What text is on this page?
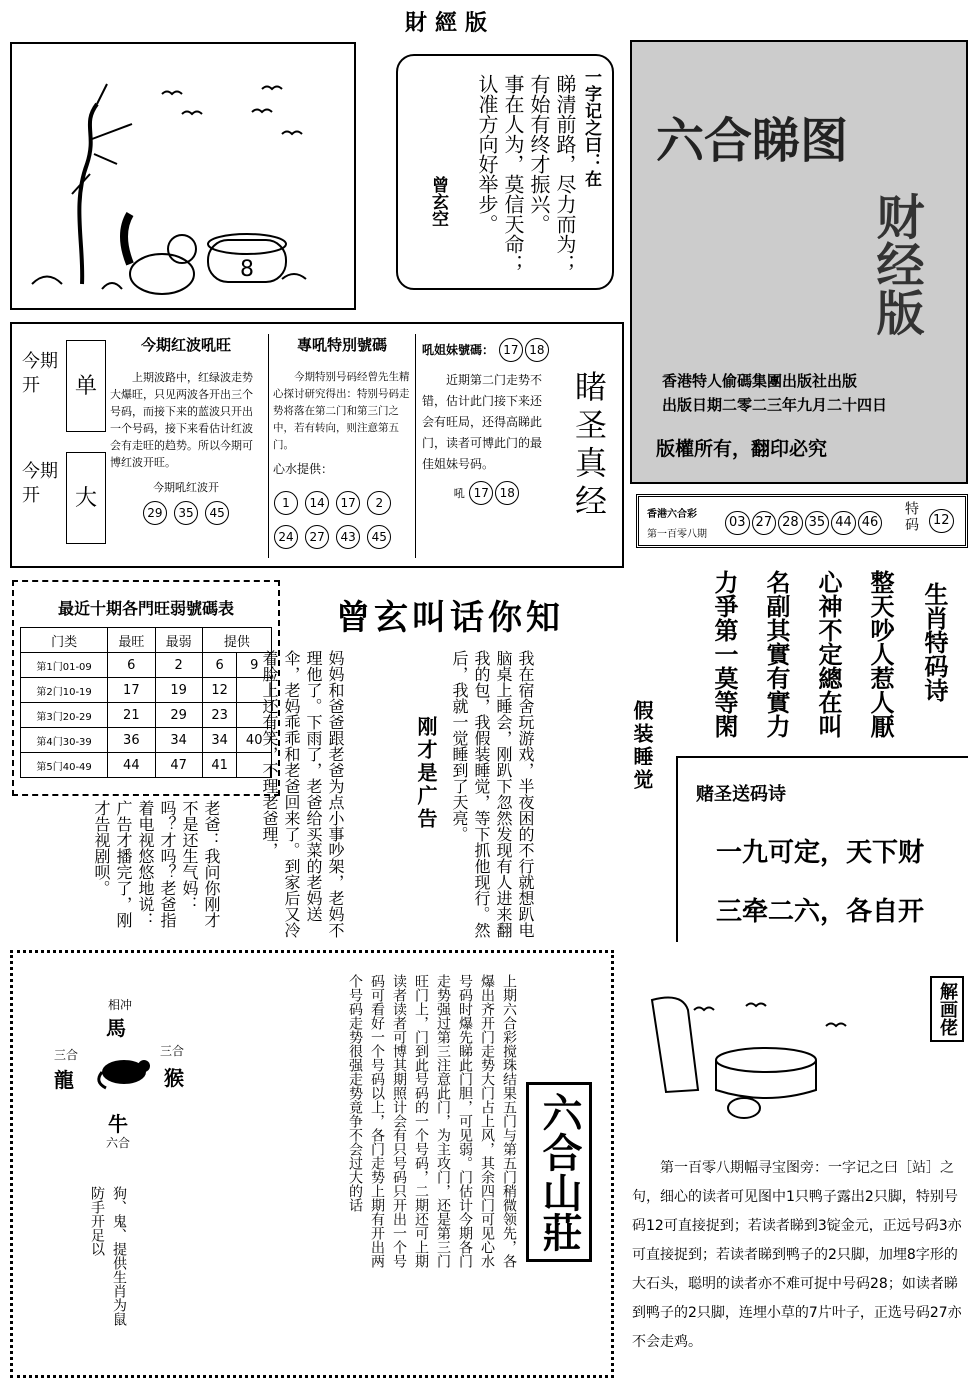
財經版
8
一字记之曰：在
睇清前路，尽力而为； 有始有终才振兴。 事在人为，莫信天命； 认准方向好举步。
曾玄空
六合睇图
财经版
香港特人偷碼集團出版社出版
出版日期二零二三年九月二十四日
版權所有，翻印必究
今期开	单
今期开	大
今期红波吼旺
上期波路中，红绿波走势大爆旺，只见两波各开出三个号码，而接下来的蓝波只开出一个号码，接下来看估计红波会有走旺的趋势。所以今期可博红波开旺。
今期吼红波开
29 35 45
專吼特別號碼
今期特别号码经曾先生精心探讨研究得出：特别号码走势将落在第二门和第三门之中，若有转向，则注意第五门。
心水提供：
1 14 17 2 24 27 43 45
吼姐妹號碼： 17 18
近期第二门走势不错，估计此门接下来还会有旺局，还得高睇此门，读者可博此门的最佳姐妹号码。
吼 17 18	睹圣真经	香港六合彩
第一百零八期
03 27 28 35 44 46	特码	12
生肖特码诗
整天吵人惹人厭 心神不定總在叫 名副其實有實力 力爭第一莫等閑
赌圣送码诗
一九可定，天下财
三牵二六，各自开
最近十期各門旺弱號碼表
门类	最旺	最弱	提供	
第1门01-09	6	2	6	9
第2门10-19	17	19	12	
第3门20-29	21	29	23	
第4门30-39	36	34	34	40
第5门40-49	44	47	41	
曾玄叫话你知
假装睡觉
我在宿舍玩游戏，半夜困的不行就想趴电脑桌上睡会，刚趴下忽然发现有人进来翻我的包，我假装睡觉，等下抓他现行。然后，我就一觉睡到了天亮。
刚才是广告
妈妈和爸爸跟老爸为点小事吵架，老妈不理他了。下雨了，老爸给买菜的老妈送伞，老妈乖乖和老爸回来了。到家后又冷着脸上还有笑，不理老爸理，
老爸：我问你刚才不是还生气妈：吗？才吗？老爸指着电视悠悠地说：广告才播完了，刚才告视剧呗。
相冲
馬
三合
龍
三合
猴
牛
六合	六合山莊
上期六合彩搅珠结果五门与第五门稍微领先，各爆出齐开门走势大门占上风，其余四门可见心水号码时爆先睇此门胆，可见弱。门估计今期各门走势强过第三注意此门，为主攻门，还是第三门旺门上，门到此号码的一个号码，二期还可上期读者读者可博其期照计会有只号码只开出一个号码可看好一个号码以上，各门走势上期有开出两个号码走势很强走势竟争不会过大的话
狗、鬼、提供生肖为鼠防手开足以
解画佬
第一百零八期幅寻宝图旁：一字记之曰［站］之句，细心的读者可见图中1只鸭子露出2只脚，特别号码12可直接捉到；若读者睇到3锭金元，正远号码3亦可直接捉到；若读者睇到鸭子的2只脚，加埋8字形的大石头，聪明的读者亦不难可捉中号码28；如读者睇到鸭子的2只脚，连埋小草的7片叶子，正选号码27亦不会走鸡。
